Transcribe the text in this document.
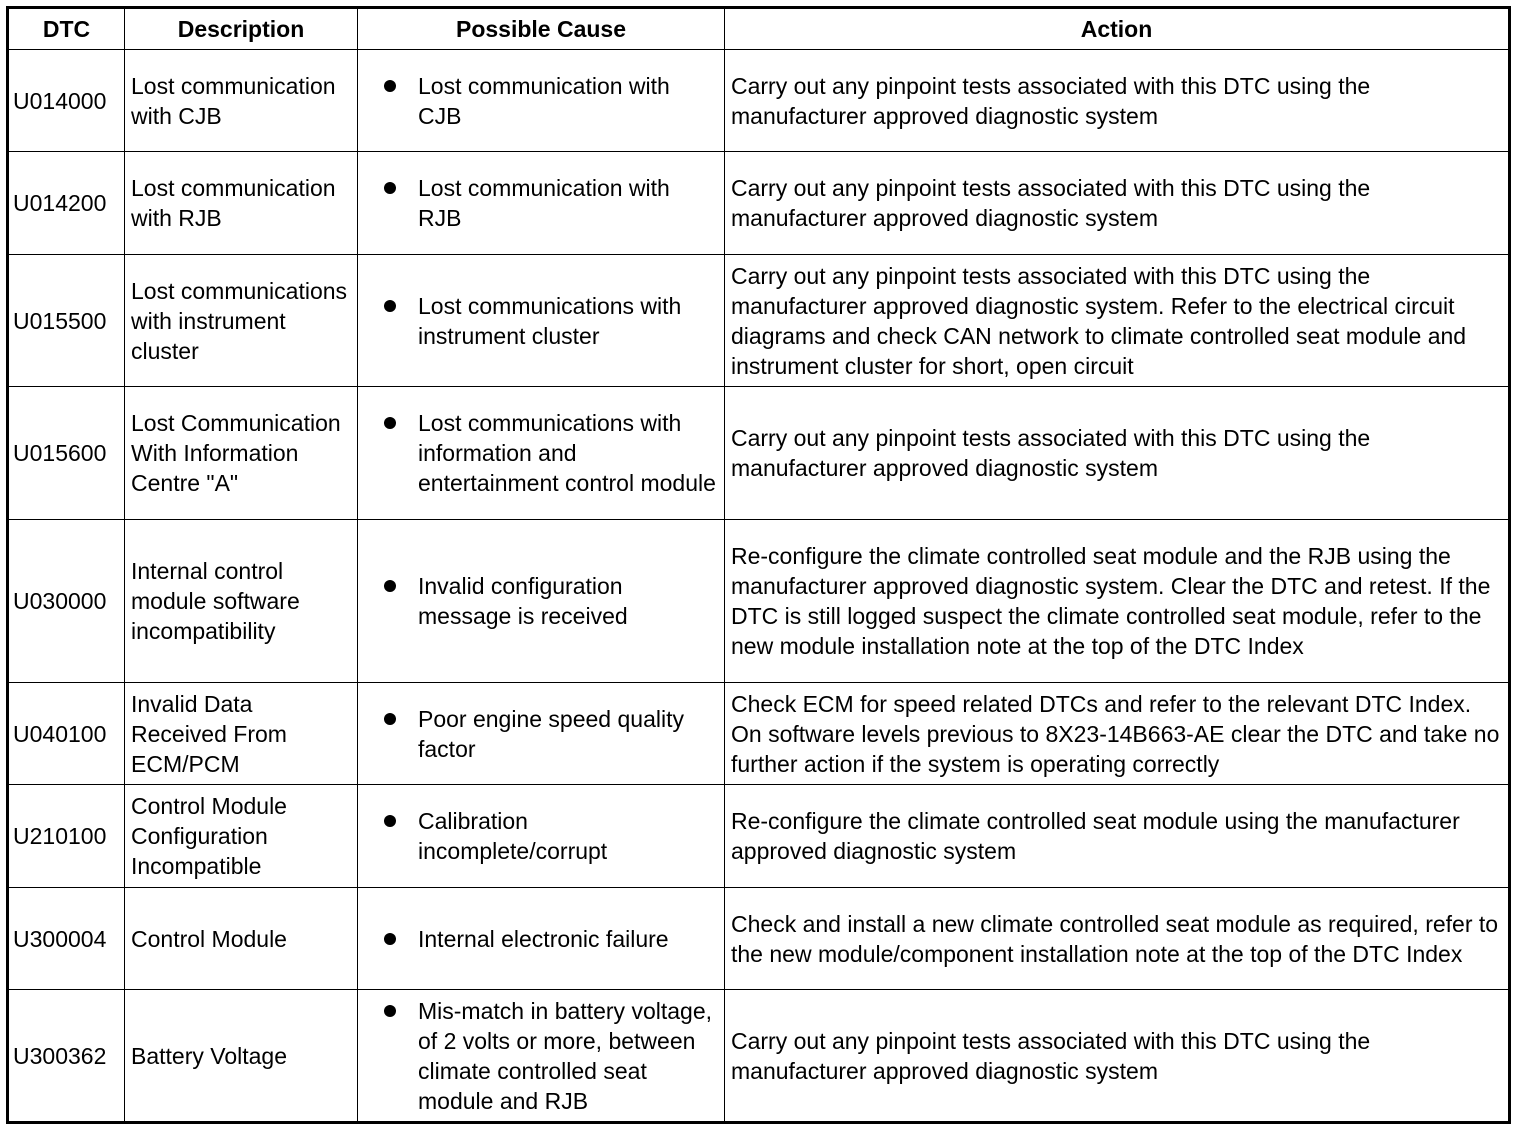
DTC	Description	Possible Cause	Action
U014000	Lost communication with CJB	Lost communication with CJB	Carry out any pinpoint tests associated with this DTC using the manufacturer approved diagnostic system
U014200	Lost communication with RJB	Lost communication with RJB	Carry out any pinpoint tests associated with this DTC using the manufacturer approved diagnostic system
U015500	Lost communications with instrument cluster	Lost communications with instrument cluster	Carry out any pinpoint tests associated with this DTC using the manufacturer approved diagnostic system. Refer to the electrical circuit diagrams and check CAN network to climate controlled seat module and instrument cluster for short, open circuit
U015600	Lost Communication With Information Centre "A"	Lost communications with information and entertainment control module	Carry out any pinpoint tests associated with this DTC using the manufacturer approved diagnostic system
U030000	Internal control module software incompatibility	Invalid configuration message is received	Re-configure the climate controlled seat module and the RJB using the manufacturer approved diagnostic system. Clear the DTC and retest. If the DTC is still logged suspect the climate controlled seat module, refer to the new module installation note at the top of the DTC Index
U040100	Invalid Data Received From ECM/PCM	Poor engine speed quality factor	Check ECM for speed related DTCs and refer to the relevant DTC Index. On software levels previous to 8X23-14B663-AE clear the DTC and take no further action if the system is operating correctly
U210100	Control Module Configuration Incompatible	Calibration incomplete/corrupt	Re-configure the climate controlled seat module using the manufacturer approved diagnostic system
U300004	Control Module	Internal electronic failure	Check and install a new climate controlled seat module as required, refer to the new module/component installation note at the top of the DTC Index
U300362	Battery Voltage	Mis-match in battery voltage, of 2 volts or more, between climate controlled seat module and RJB	Carry out any pinpoint tests associated with this DTC using the manufacturer approved diagnostic system
